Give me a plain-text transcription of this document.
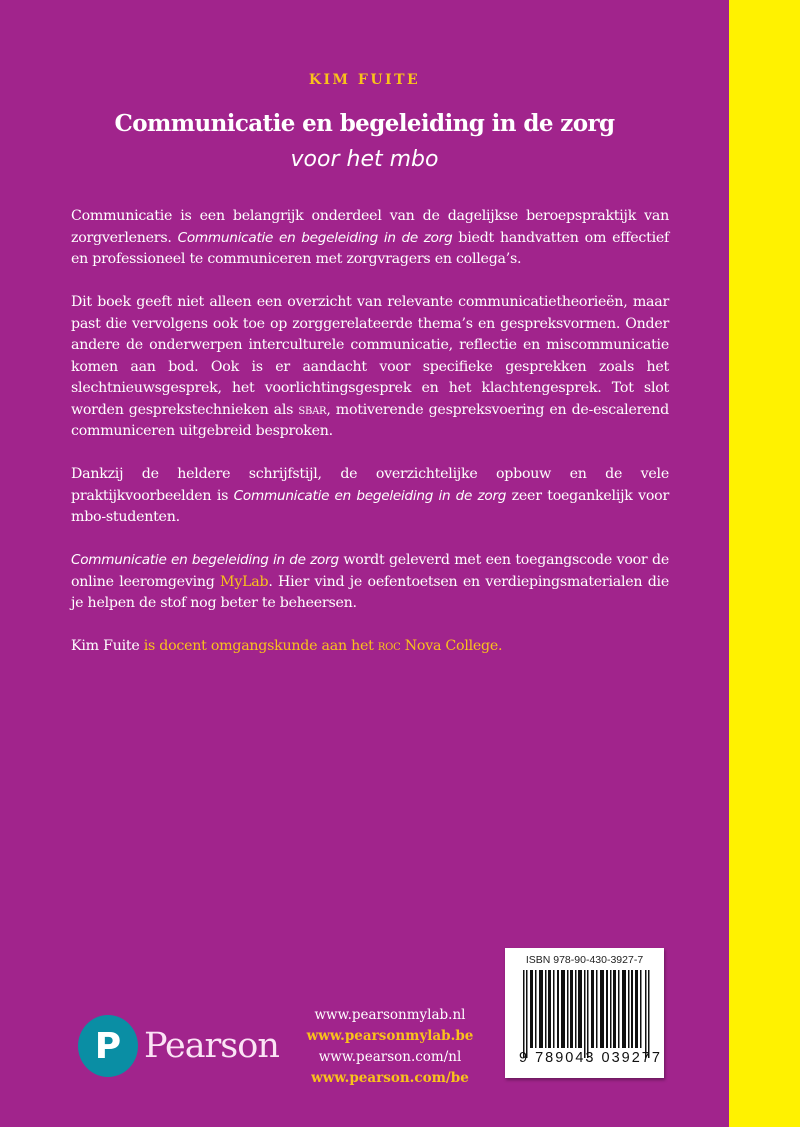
KIM FUITE
Communicatie en begeleiding in de zorg
voor het mbo

Communicatie is een belangrijk onderdeel van de dagelijkse beroepspraktijk van zorgverleners. Communicatie en begeleiding in de zorg biedt handvatten om effectief en professioneel te communiceren met zorgvragers en collega’s.

Dit boek geeft niet alleen een overzicht van relevante communicatietheorieën, maar past die vervolgens ook toe op zorggerelateerde thema’s en gespreksvormen. Onder andere de onderwerpen interculturele communicatie, reflectie en miscommunicatie komen aan bod. Ook is er aandacht voor specifieke gesprekken zoals het slechtnieuwsgesprek, het voorlichtingsgesprek en het klachtengesprek. Tot slot worden gesprekstechnieken als sbar, motiverende gespreksvoering en de-escalerend communiceren uitgebreid besproken.

Dankzij de heldere schrijfstijl, de overzichtelijke opbouw en de vele praktijkvoorbeelden is Communicatie en begeleiding in de zorg zeer toegankelijk voor mbo-studenten.

Communicatie en begeleiding in de zorg wordt geleverd met een toegangscode voor de online leeromgeving MyLab. Hier vind je oefentoetsen en verdiepingsmaterialen die je helpen de stof nog beter te beheersen.

Kim Fuite is docent omgangskunde aan het roc Nova College.

P Pearson
www.pearsonmylab.nl
www.pearsonmylab.be
www.pearson.com/nl
www.pearson.com/be
ISBN 978-90-430-3927-7
9 789043 039277
